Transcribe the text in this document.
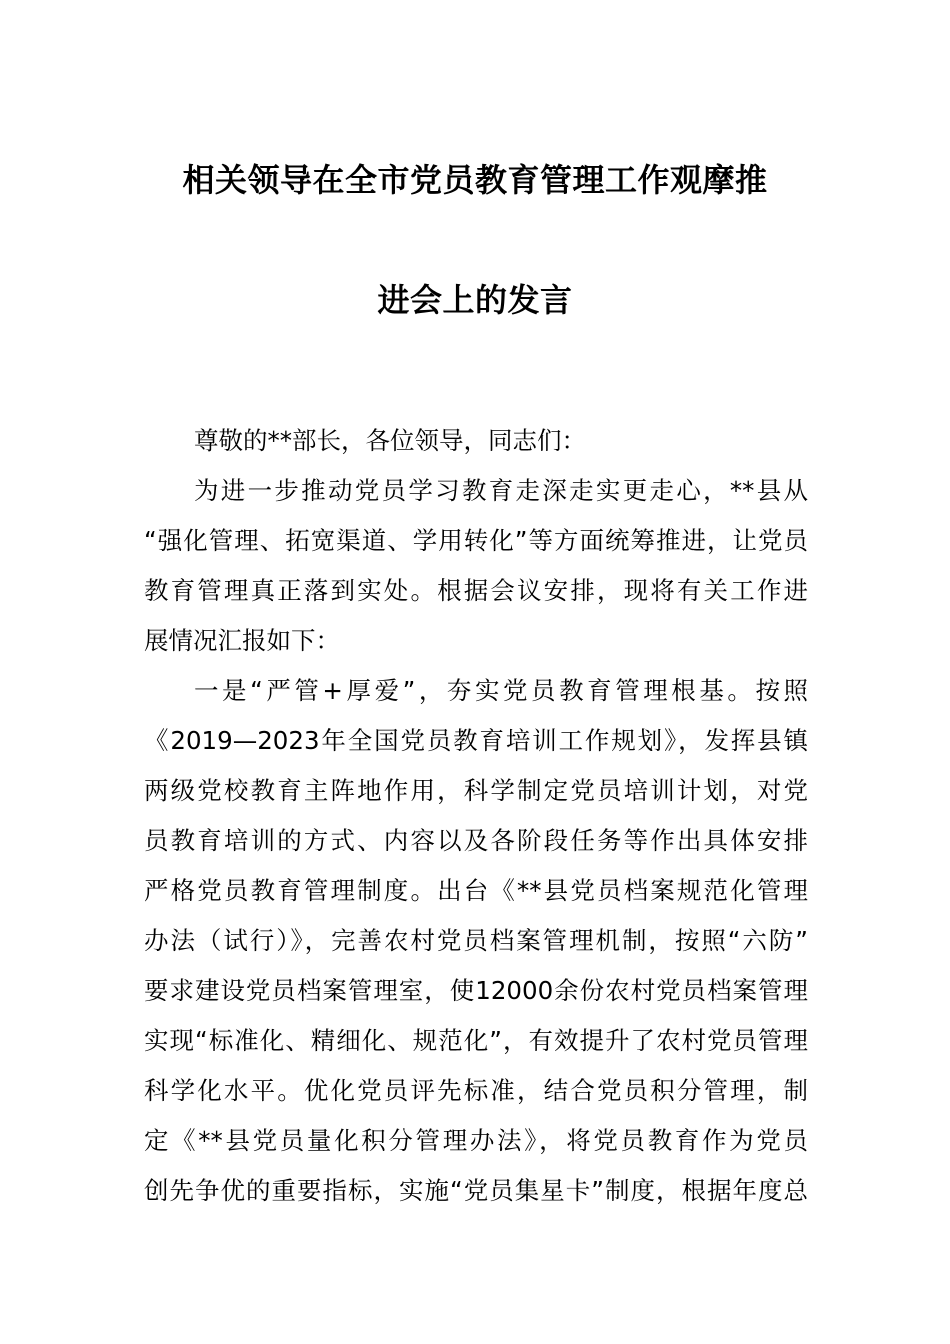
相关领导在全市党员教育管理工作观摩推
进会上的发言
尊敬的**部长，各位领导，同志们：
为进一步推动党员学习教育走深走实更走心，**县从
“强化管理、拓宽渠道、学用转化”等方面统筹推进，让党员
教育管理真正落到实处。根据会议安排，现将有关工作进
展情况汇报如下：
一是“严管+厚爱”，夯实党员教育管理根基。按照
《2019—2023年全国党员教育培训工作规划》，发挥县镇
两级党校教育主阵地作用，科学制定党员培训计划，对党
员教育培训的方式、内容以及各阶段任务等作出具体安排
严格党员教育管理制度。出台《**县党员档案规范化管理
办法（试行）》，完善农村党员档案管理机制，按照“六防”
要求建设党员档案管理室，使12000余份农村党员档案管理
实现“标准化、精细化、规范化”，有效提升了农村党员管理
科学化水平。优化党员评先标准，结合党员积分管理，制
定《**县党员量化积分管理办法》，将党员教育作为党员
创先争优的重要指标，实施“党员集星卡”制度，根据年度总
